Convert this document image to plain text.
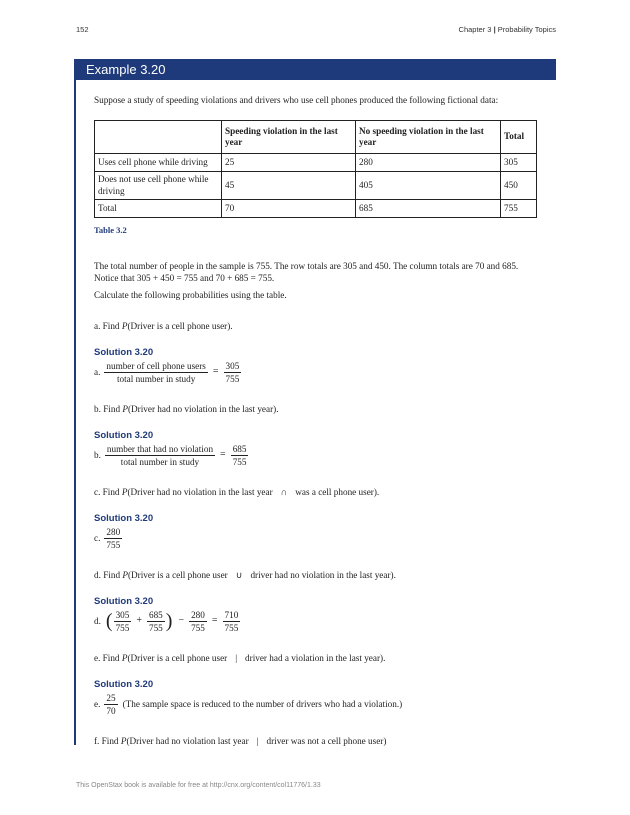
152	Chapter 3 | Probability Topics
Example 3.20

Suppose a study of speeding violations and drivers who use cell phones produced the following fictional data:

	Speeding violation in the last year	No speeding violation in the last year	Total
Uses cell phone while driving	25	280	305
Does not use cell phone while driving	45	405	450
Total	70	685	755

Table 3.2

The total number of people in the sample is 755. The row totals are 305 and 450. The column totals are 70 and 685. Notice that 305 + 450 = 755 and 70 + 685 = 755.

Calculate the following probabilities using the table.

a. Find P(Driver is a cell phone user).

Solution 3.20

a. $\frac{\text{number of cell phone users}}{\text{total number in study}} = \frac{305}{755}$

b. Find P(Driver had no violation in the last year).

Solution 3.20

b. $\frac{\text{number that had no violation}}{\text{total number in study}} = \frac{685}{755}$

c. Find P(Driver had no violation in the last year ∩ was a cell phone user).

Solution 3.20

c. $\frac{280}{755}$

d. Find P(Driver is a cell phone user ∪ driver had no violation in the last year).

Solution 3.20

d. ( $\frac{305}{755} + \frac{685}{755}$ ) − $\frac{280}{755} = \frac{710}{755}$

e. Find P(Driver is a cell phone user | driver had a violation in the last year).

Solution 3.20

e. $\frac{25}{70} (The$ sample space is reduced to the number of drivers who had a violation.)

f. Find P(Driver had no violation last year | driver was not a cell phone user)

This OpenStax book is available for free at http://cnx.org/content/col11776/1.33
